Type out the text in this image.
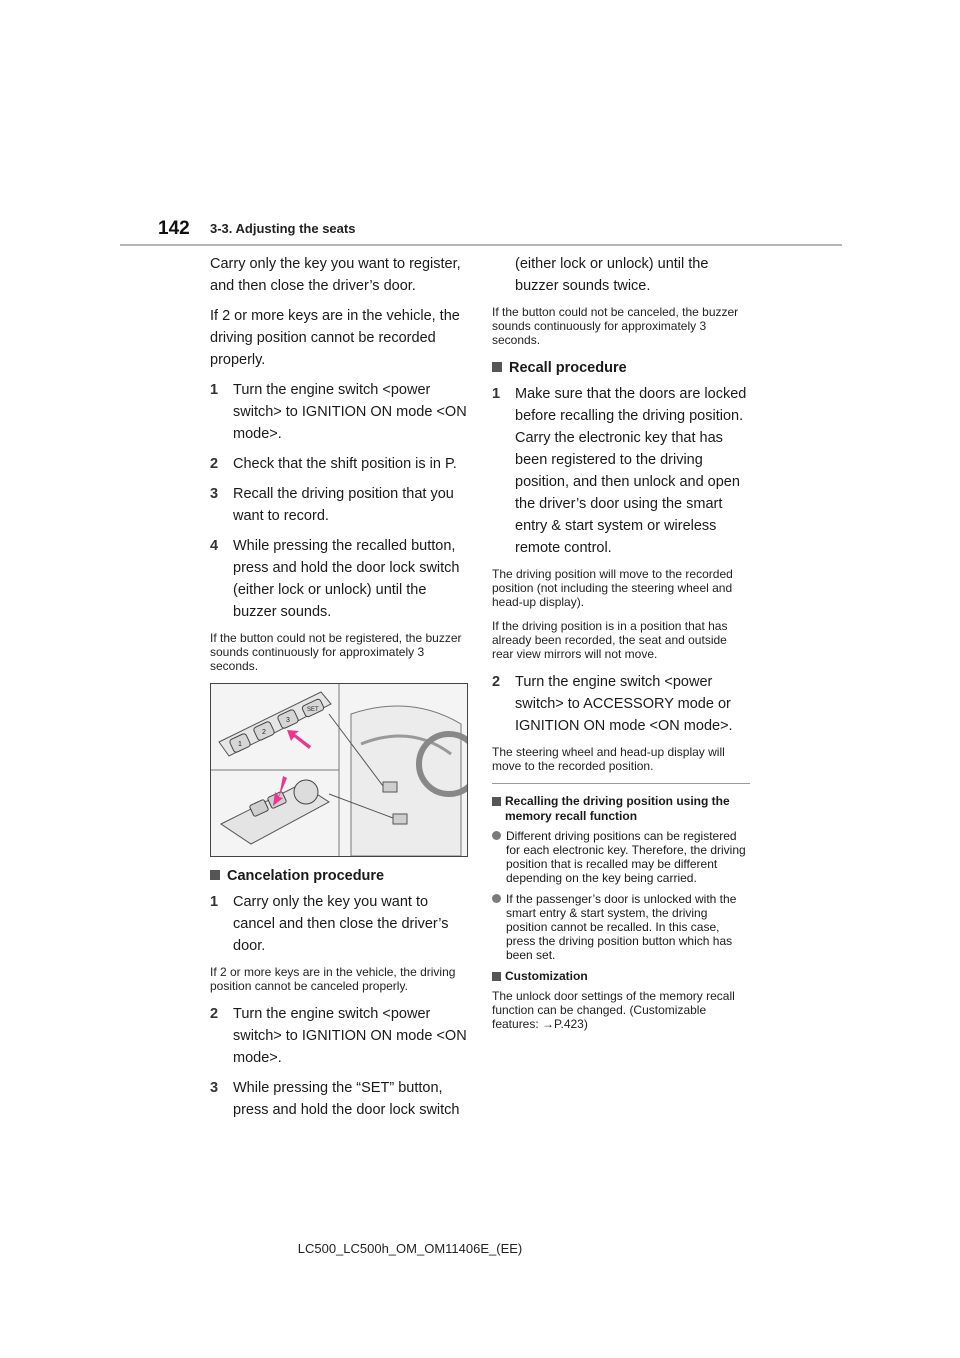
142 3-3. Adjusting the seats

Carry only the key you want to register, and then close the driver’s door.

If 2 or more keys are in the vehicle, the driving position cannot be recorded properly.

1 Turn the engine switch <power switch> to IGNITION ON mode <ON mode>.
2 Check that the shift position is in P.
3 Recall the driving position that you want to record.
4 While pressing the recalled button, press and hold the door lock switch (either lock or unlock) until the buzzer sounds.

If the button could not be registered, the buzzer sounds continuously for approximately 3 seconds.

1
2
3
SET
Cancelation procedure
1 Carry only the key you want to cancel and then close the driver’s door.

If 2 or more keys are in the vehicle, the driving position cannot be canceled properly.

2 Turn the engine switch <power switch> to IGNITION ON mode <ON mode>.
3 While pressing the “SET” button, press and hold the door lock switch
(either lock or unlock) until the buzzer sounds twice.

If the button could not be canceled, the buzzer sounds continuously for approximately 3 seconds.

Recall procedure
1 Make sure that the doors are locked before recalling the driving position. Carry the electronic key that has been registered to the driving position, and then unlock and open the driver’s door using the smart entry & start system or wireless remote control.

The driving position will move to the recorded position (not including the steering wheel and head-up display).

If the driving position is in a position that has already been recorded, the seat and outside rear view mirrors will not move.

2 Turn the engine switch <power switch> to ACCESSORY mode or IGNITION ON mode <ON mode>.

The steering wheel and head-up display will move to the recorded position.

Recalling the driving position using the memory recall function
Different driving positions can be registered for each electronic key. Therefore, the driving position that is recalled may be different depending on the key being carried.
If the passenger’s door is unlocked with the smart entry & start system, the driving position cannot be recalled. In this case, press the driving position button which has been set.
Customization

The unlock door settings of the memory recall function can be changed. (Customizable features: →P.423)

LC500_LC500h_OM_OM11406E_(EE)
